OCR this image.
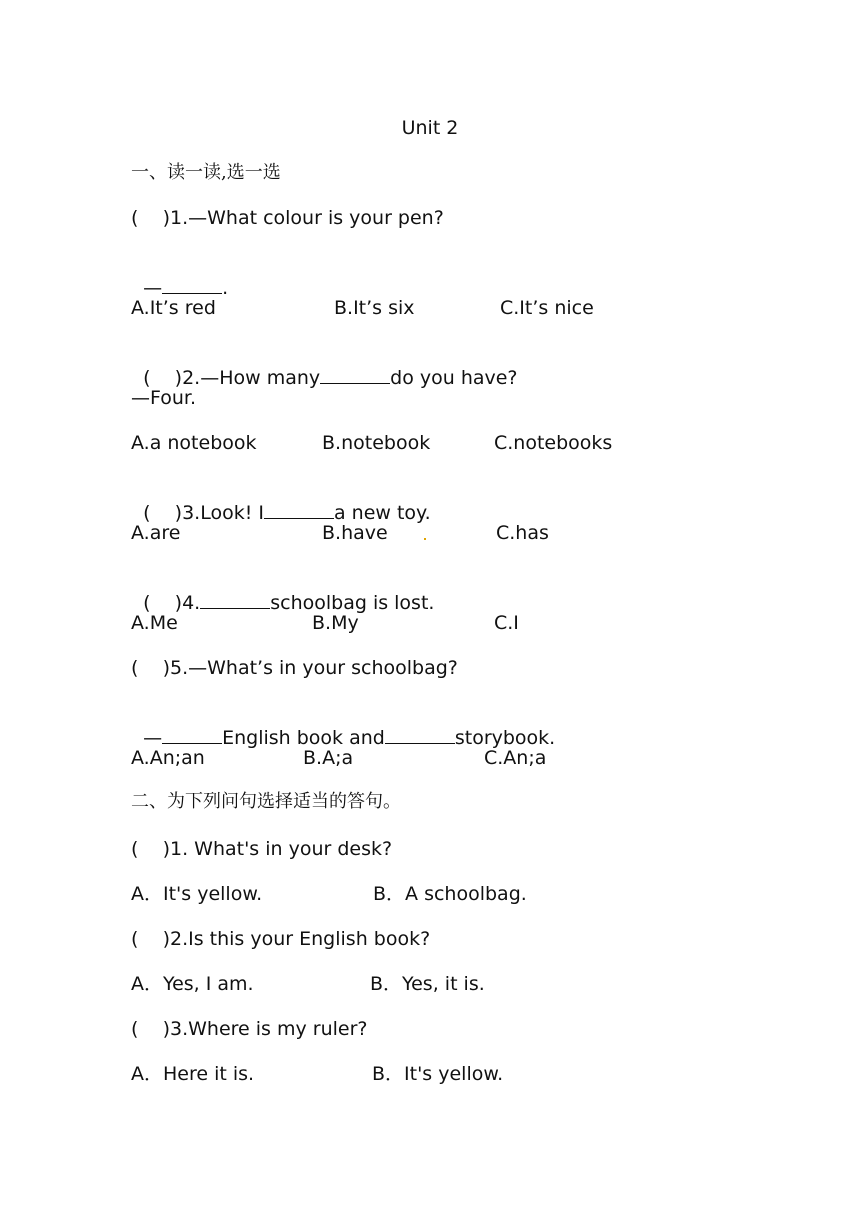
Unit 2
一、读一读,选一选
(    )1.—What colour is your pen?

—	.

A.It’s red	B.It’s six	C.It’s nice

(    )2.—How many	do you have?

—Four.
A.a notebook	B.notebook	C.notebooks

(    )3.Look! I	a new toy.

A.are	B.have	C.has

(    )4.	schoolbag is lost.

A.Me	B.My	C.I
(    )5.—What’s in your schoolbag?

—	English book and	storybook.

A.An;an	B.A;a	C.An;a
二、为下列问句选择适当的答句。
(    )1. What's in your desk?
A．It's yellow.	B．A schoolbag.
(    )2.Is this your English book?
A．Yes, I am.	B．Yes, it is.
(    )3.Where is my ruler?
A．Here it is.	B．It's yellow.
